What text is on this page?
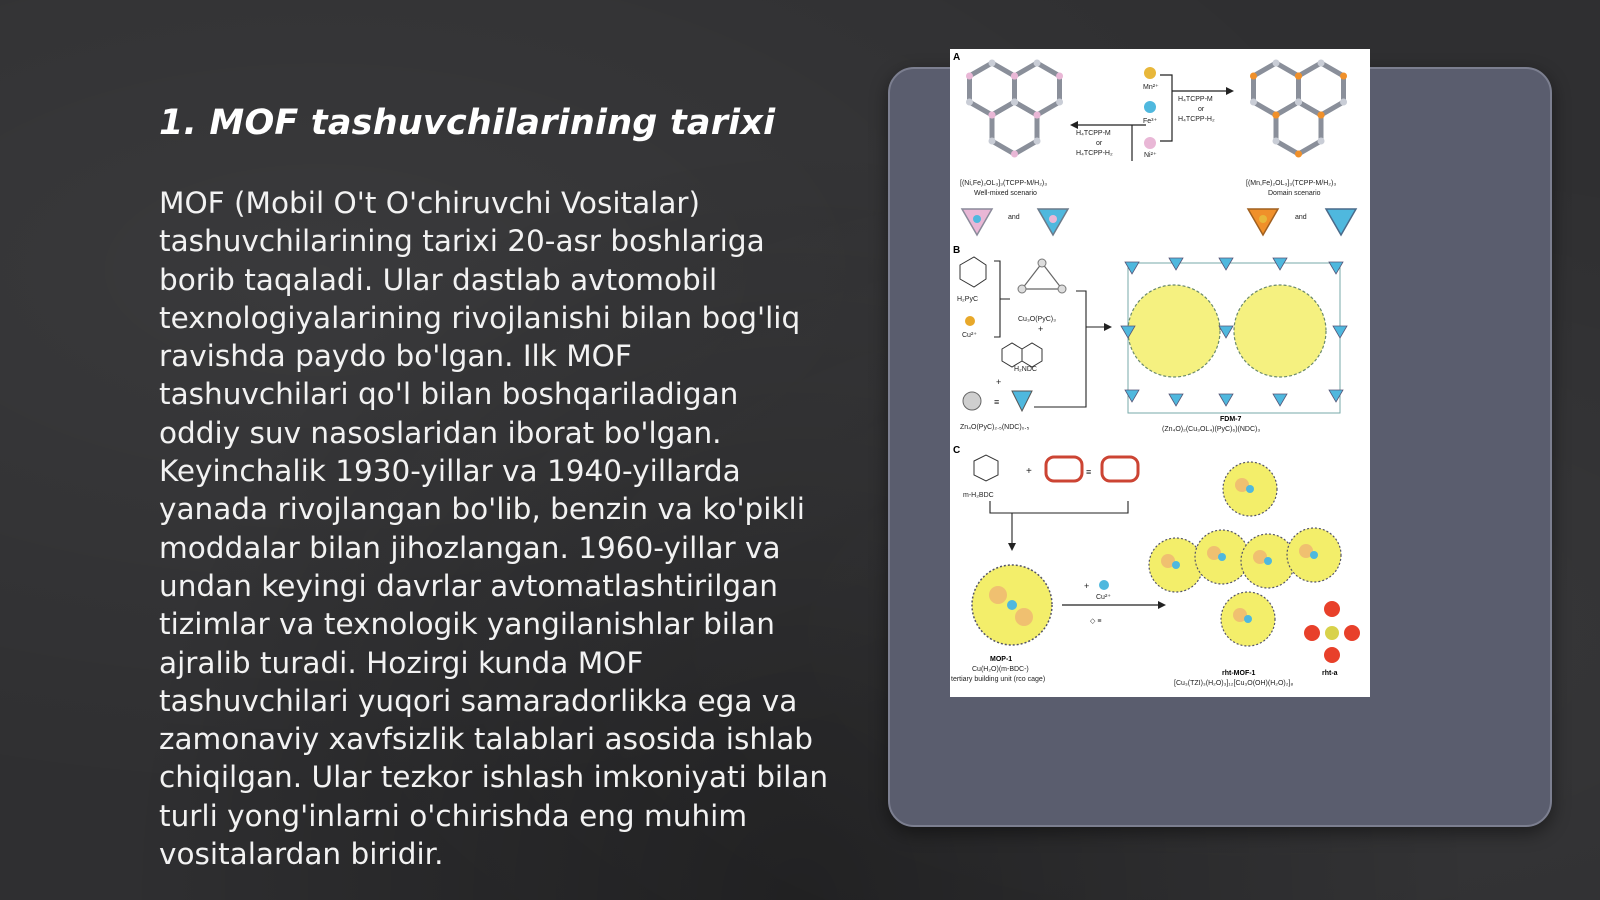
1. MOF tashuvchilarining tarixi
MOF (Mobil O't O'chiruvchi Vositalar)
tashuvchilarining tarixi 20-asr boshlariga
borib taqaladi. Ular dastlab avtomobil
texnologiyalarining rivojlanishi bilan bog'liq
ravishda paydo bo'lgan. Ilk MOF
tashuvchilari qo'l bilan boshqariladigan
oddiy suv nasoslaridan iborat bo'lgan.
Keyinchalik 1930-yillar va 1940-yillarda
yanada rivojlangan bo'lib, benzin va ko'pikli
moddalar bilan jihozlangan. 1960-yillar va
undan keyingi davrlar avtomatlashtirilgan
tizimlar va texnologik yangilanishlar bilan
ajralib turadi. Hozirgi kunda MOF
tashuvchilari yuqori samaradorlikka ega va
zamonaviy xavfsizlik talablari asosida ishlab
chiqilgan. Ular tezkor ishlash imkoniyati bilan
turli yong'inlarni o'chirishda eng muhim
vositalardan biridir.
A
Mn²⁺
Fe³⁺
Ni²⁺
H₄TCPP-M
or
H₄TCPP-H₂
H₄TCPP-M
or
H₄TCPP-H₂
[(Ni,Fe)₂OL₃]₃(TCPP-M/H₂)₃
Well-mixed scenario
[(Mn,Fe)₂OL₃]₃(TCPP-M/H₂)₃
Domain scenario
and	and
B
H₂PyC
Cu²⁺
Cu₃O(PyC)₃
+
H₂NDC
+
≡
Zn₄O(PyC)₂.₅(NDC)₀.₅
FDM-7
(Zn₄O)₂(Cu₃OL₄)(PyC)₆)(NDC)₃
C
m-H₂BDC
+	≡
MOP-1
Cu(H₂O)(m-BDC-)
tertiary building unit (rco cage)
+
Cu²⁺
◇ ≡
rht-MOF-1
[Cu₃(TZI)₃(H₂O)₃]₁₂[Cu₃O(OH)(H₂O)₂]₈
rht-a
